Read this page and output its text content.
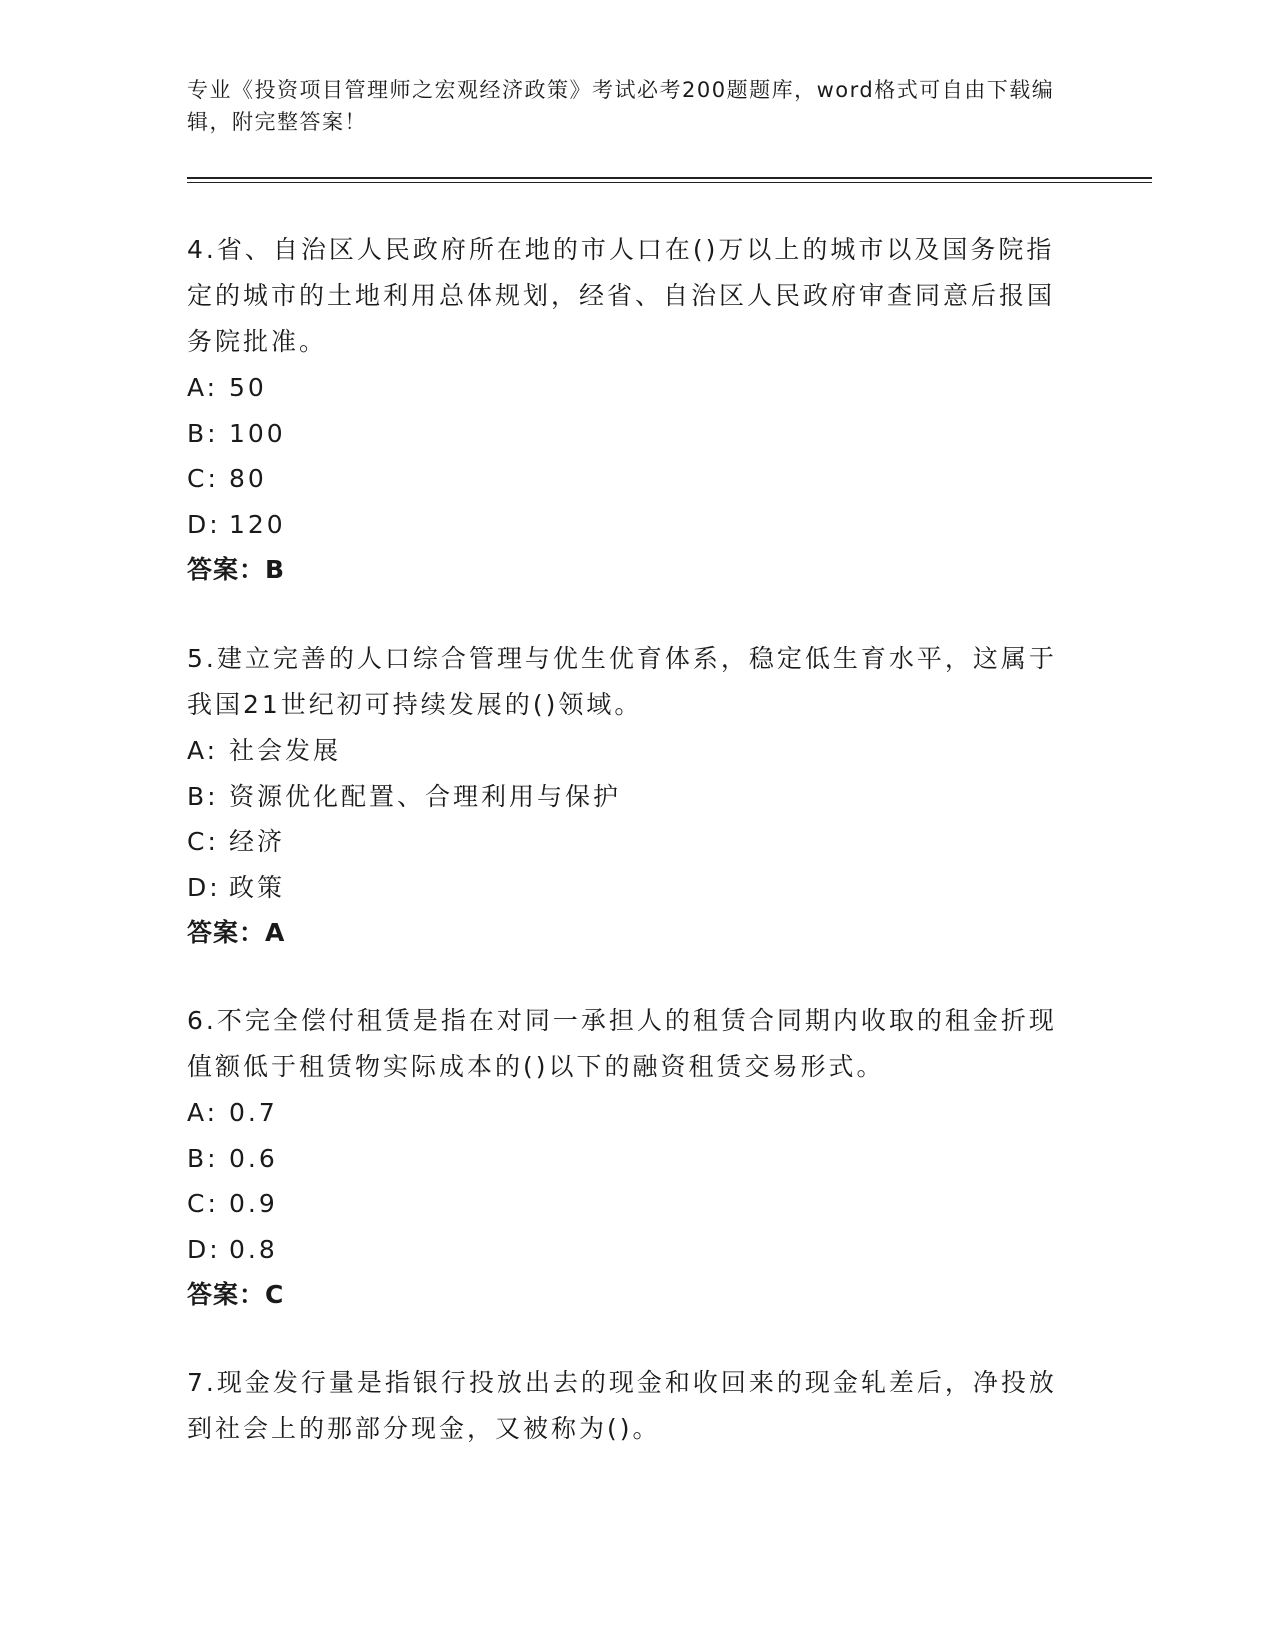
专业《投资项目管理师之宏观经济政策》考试必考200题题库，word格式可自由下载编辑，附完整答案！

4.省、自治区人民政府所在地的市人口在()万以上的城市以及国务院指定的城市的土地利用总体规划，经省、自治区人民政府审查同意后报国务院批准。

A: 50
B: 100
C: 80
D: 120
答案：B

5.建立完善的人口综合管理与优生优育体系，稳定低生育水平，这属于我国21世纪初可持续发展的()领域。

A: 社会发展
B: 资源优化配置、合理利用与保护
C: 经济
D: 政策
答案：A

6.不完全偿付租赁是指在对同一承担人的租赁合同期内收取的租金折现值额低于租赁物实际成本的()以下的融资租赁交易形式。

A: 0.7
B: 0.6
C: 0.9
D: 0.8
答案：C

7.现金发行量是指银行投放出去的现金和收回来的现金轧差后，净投放到社会上的那部分现金，又被称为()。
